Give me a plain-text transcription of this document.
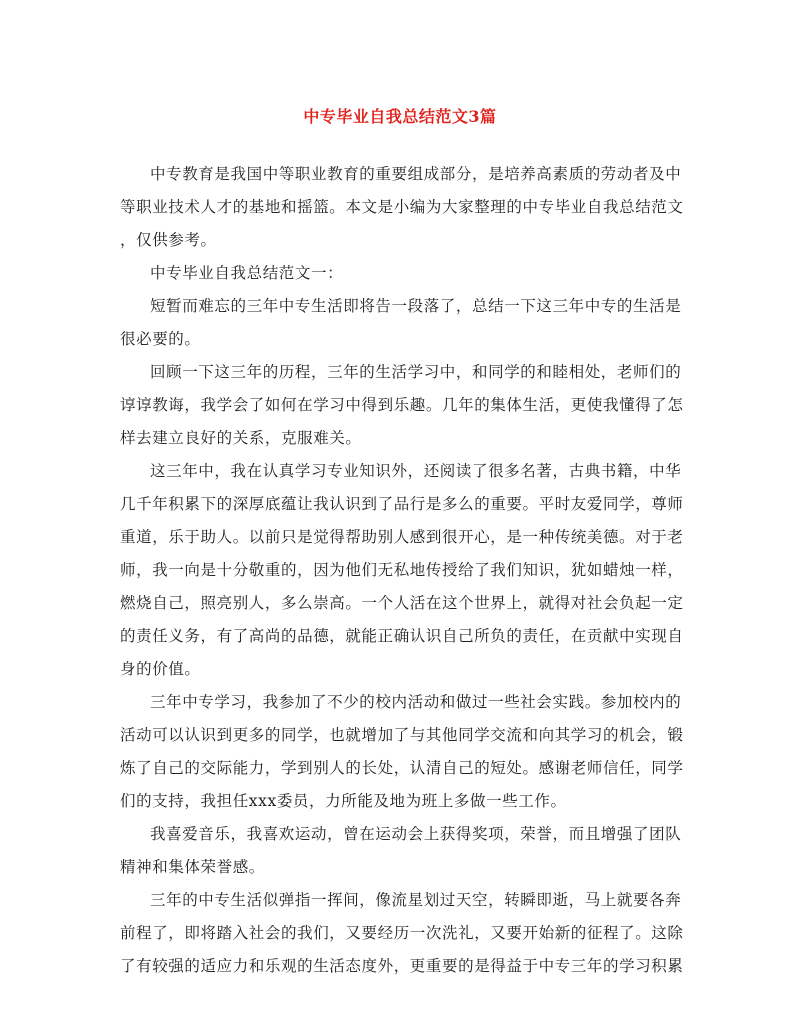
中专毕业自我总结范文3篇
中专教育是我国中等职业教育的重要组成部分，是培养高素质的劳动者及中
等职业技术人才的基地和摇篮。本文是小编为大家整理的中专毕业自我总结范文
，仅供参考。
中专毕业自我总结范文一：
短暂而难忘的三年中专生活即将告一段落了，总结一下这三年中专的生活是
很必要的。
回顾一下这三年的历程，三年的生活学习中，和同学的和睦相处，老师们的
谆谆教诲，我学会了如何在学习中得到乐趣。几年的集体生活，更使我懂得了怎
样去建立良好的关系，克服难关。
这三年中，我在认真学习专业知识外，还阅读了很多名著，古典书籍，中华
几千年积累下的深厚底蕴让我认识到了品行是多么的重要。平时友爱同学，尊师
重道，乐于助人。以前只是觉得帮助别人感到很开心，是一种传统美德。对于老
师，我一向是十分敬重的，因为他们无私地传授给了我们知识，犹如蜡烛一样，
燃烧自己，照亮别人，多么崇高。一个人活在这个世界上，就得对社会负起一定
的责任义务，有了高尚的品德，就能正确认识自己所负的责任，在贡献中实现自
身的价值。
三年中专学习，我参加了不少的校内活动和做过一些社会实践。参加校内的
活动可以认识到更多的同学，也就增加了与其他同学交流和向其学习的机会，锻
炼了自己的交际能力，学到别人的长处，认清自己的短处。感谢老师信任，同学
们的支持，我担任xxx委员，力所能及地为班上多做一些工作。
我喜爱音乐，我喜欢运动，曾在运动会上获得奖项，荣誉，而且增强了团队
精神和集体荣誉感。
三年的中专生活似弹指一挥间，像流星划过天空，转瞬即逝，马上就要各奔
前程了，即将踏入社会的我们，又要经历一次洗礼，又要开始新的征程了。这除
了有较强的适应力和乐观的生活态度外，更重要的是得益于中专三年的学习积累
